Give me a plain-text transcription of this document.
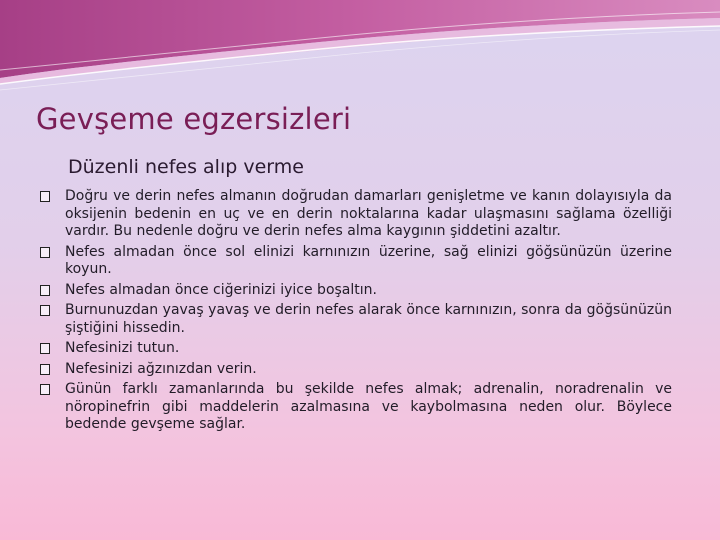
Gevşeme egzersizleri
Düzenli nefes alıp verme
Doğru ve derin nefes almanın doğrudan damarları genişletme ve kanın dolayısıyla da oksijenin bedenin en uç ve en derin noktalarına kadar ulaşmasını sağlama özelliği vardır. Bu nedenle doğru ve derin nefes alma kaygının şiddetini azaltır.
Nefes almadan önce sol elinizi karnınızın üzerine, sağ elinizi göğsünüzün üzerine koyun.
Nefes almadan önce ciğerinizi iyice boşaltın.
Burnunuzdan yavaş yavaş ve derin nefes alarak önce karnınızın, sonra da göğsünüzün şiştiğini hissedin.
Nefesinizi tutun.
Nefesinizi ağzınızdan verin.
Günün farklı zamanlarında bu şekilde nefes almak; adrenalin, noradrenalin ve nöropinefrin gibi maddelerin azalmasına ve kaybolmasına neden olur. Böylece bedende gevşeme sağlar.
